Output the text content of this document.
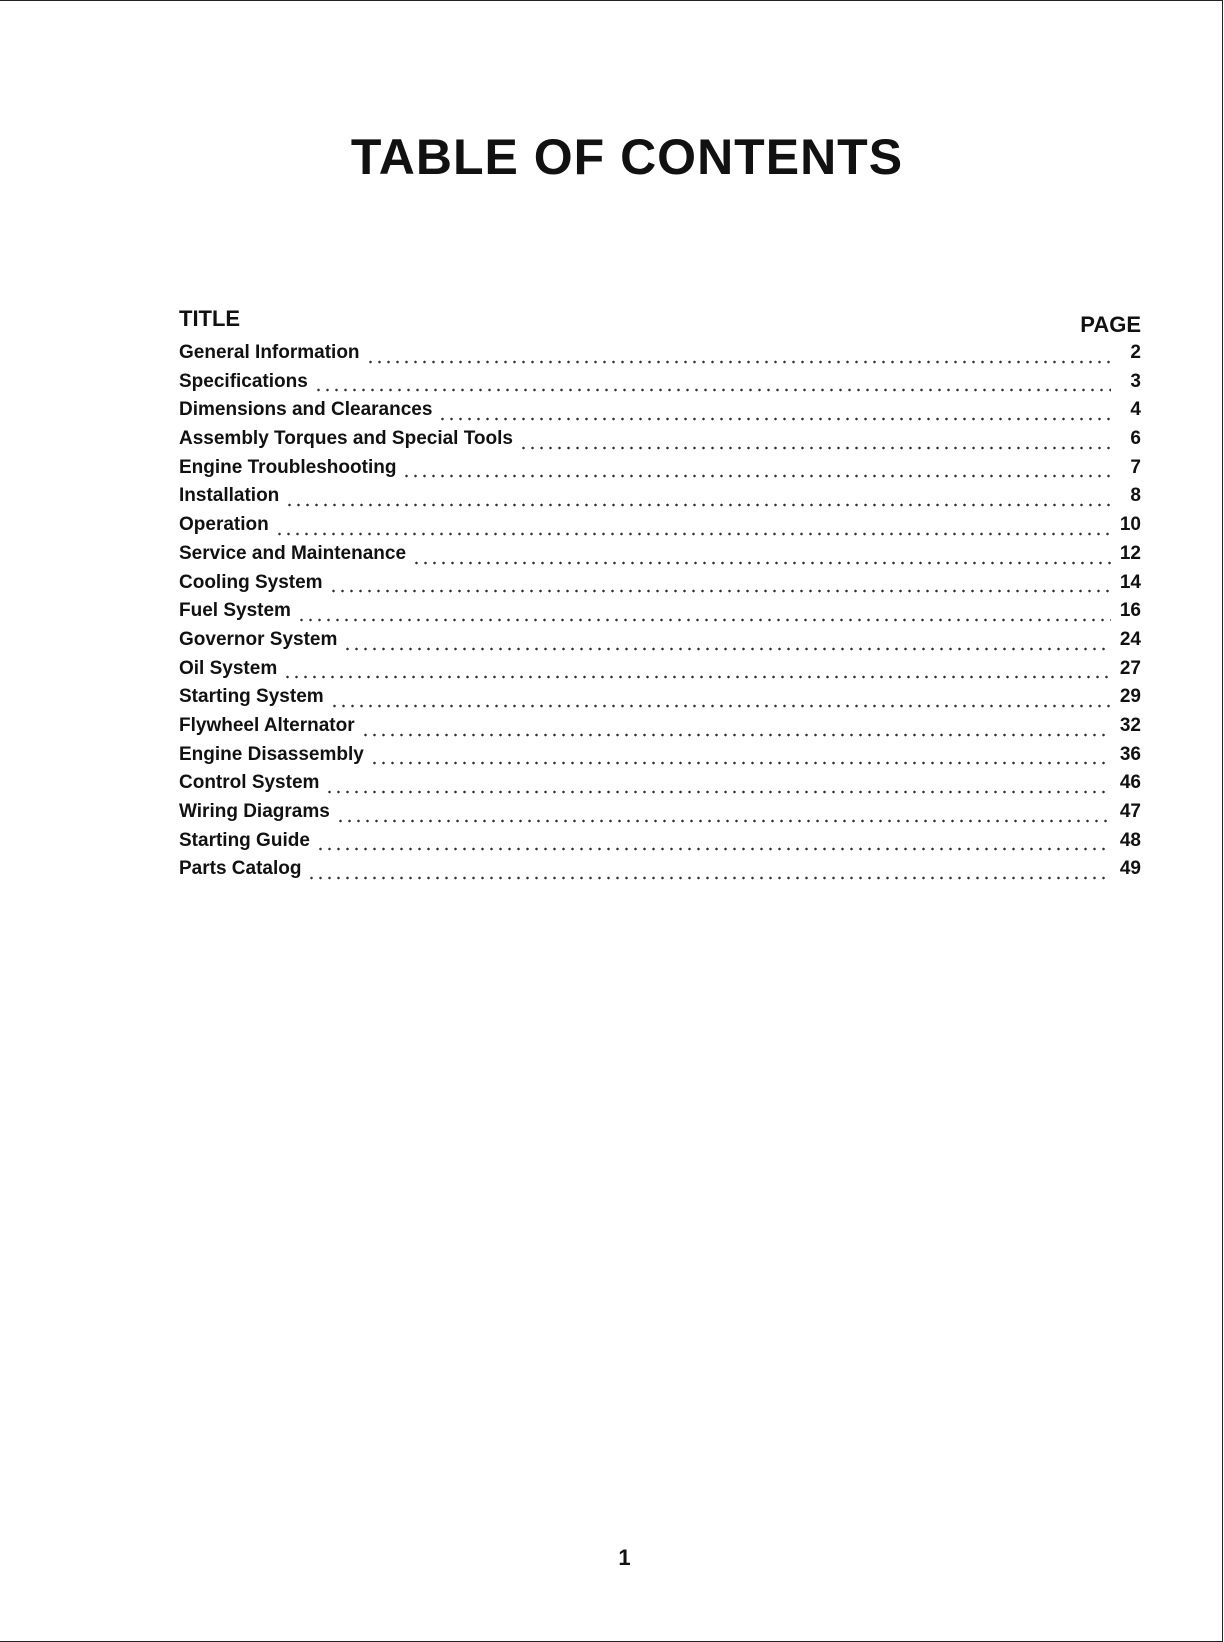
TABLE OF CONTENTS
TITLE	PAGE
General Information	2
Specifications	3
Dimensions and Clearances	4
Assembly Torques and Special Tools	6
Engine Troubleshooting	7
Installation	8
Operation	10
Service and Maintenance	12
Cooling System	14
Fuel System	16
Governor System	24
Oil System	27
Starting System	29
Flywheel Alternator	32
Engine Disassembly	36
Control System	46
Wiring Diagrams	47
Starting Guide	48
Parts Catalog	49
1
